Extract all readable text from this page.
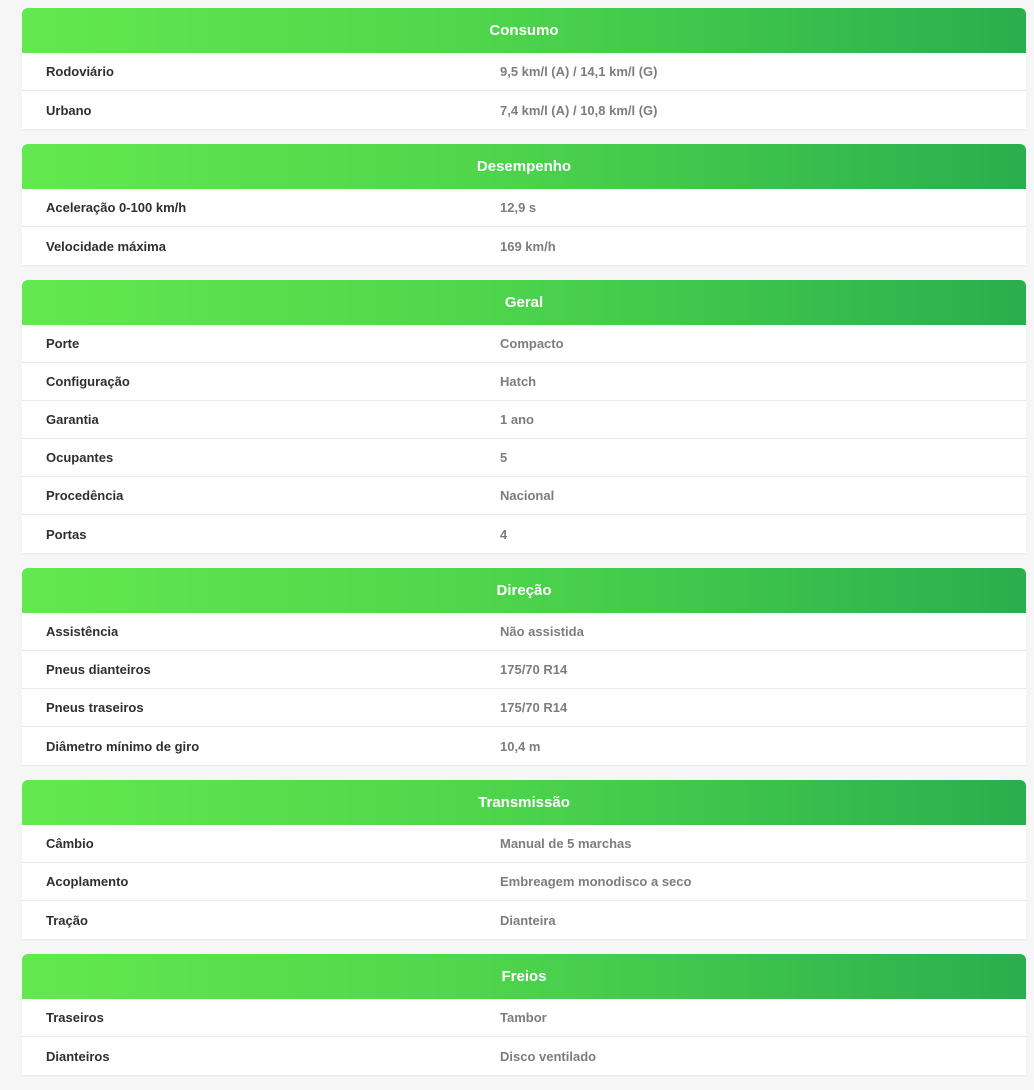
Consumo
Rodoviário	9,5 km/l (A) / 14,1 km/l (G)
Urbano	7,4 km/l (A) / 10,8 km/l (G)
Desempenho
Aceleração 0-100 km/h	12,9 s
Velocidade máxima	169 km/h
Geral
Porte	Compacto
Configuração	Hatch
Garantia	1 ano
Ocupantes	5
Procedência	Nacional
Portas	4
Direção
Assistência	Não assistida
Pneus dianteiros	175/70 R14
Pneus traseiros	175/70 R14
Diâmetro mínimo de giro	10,4 m
Transmissão
Câmbio	Manual de 5 marchas
Acoplamento	Embreagem monodisco a seco
Tração	Dianteira
Freios
Traseiros	Tambor
Dianteiros	Disco ventilado
